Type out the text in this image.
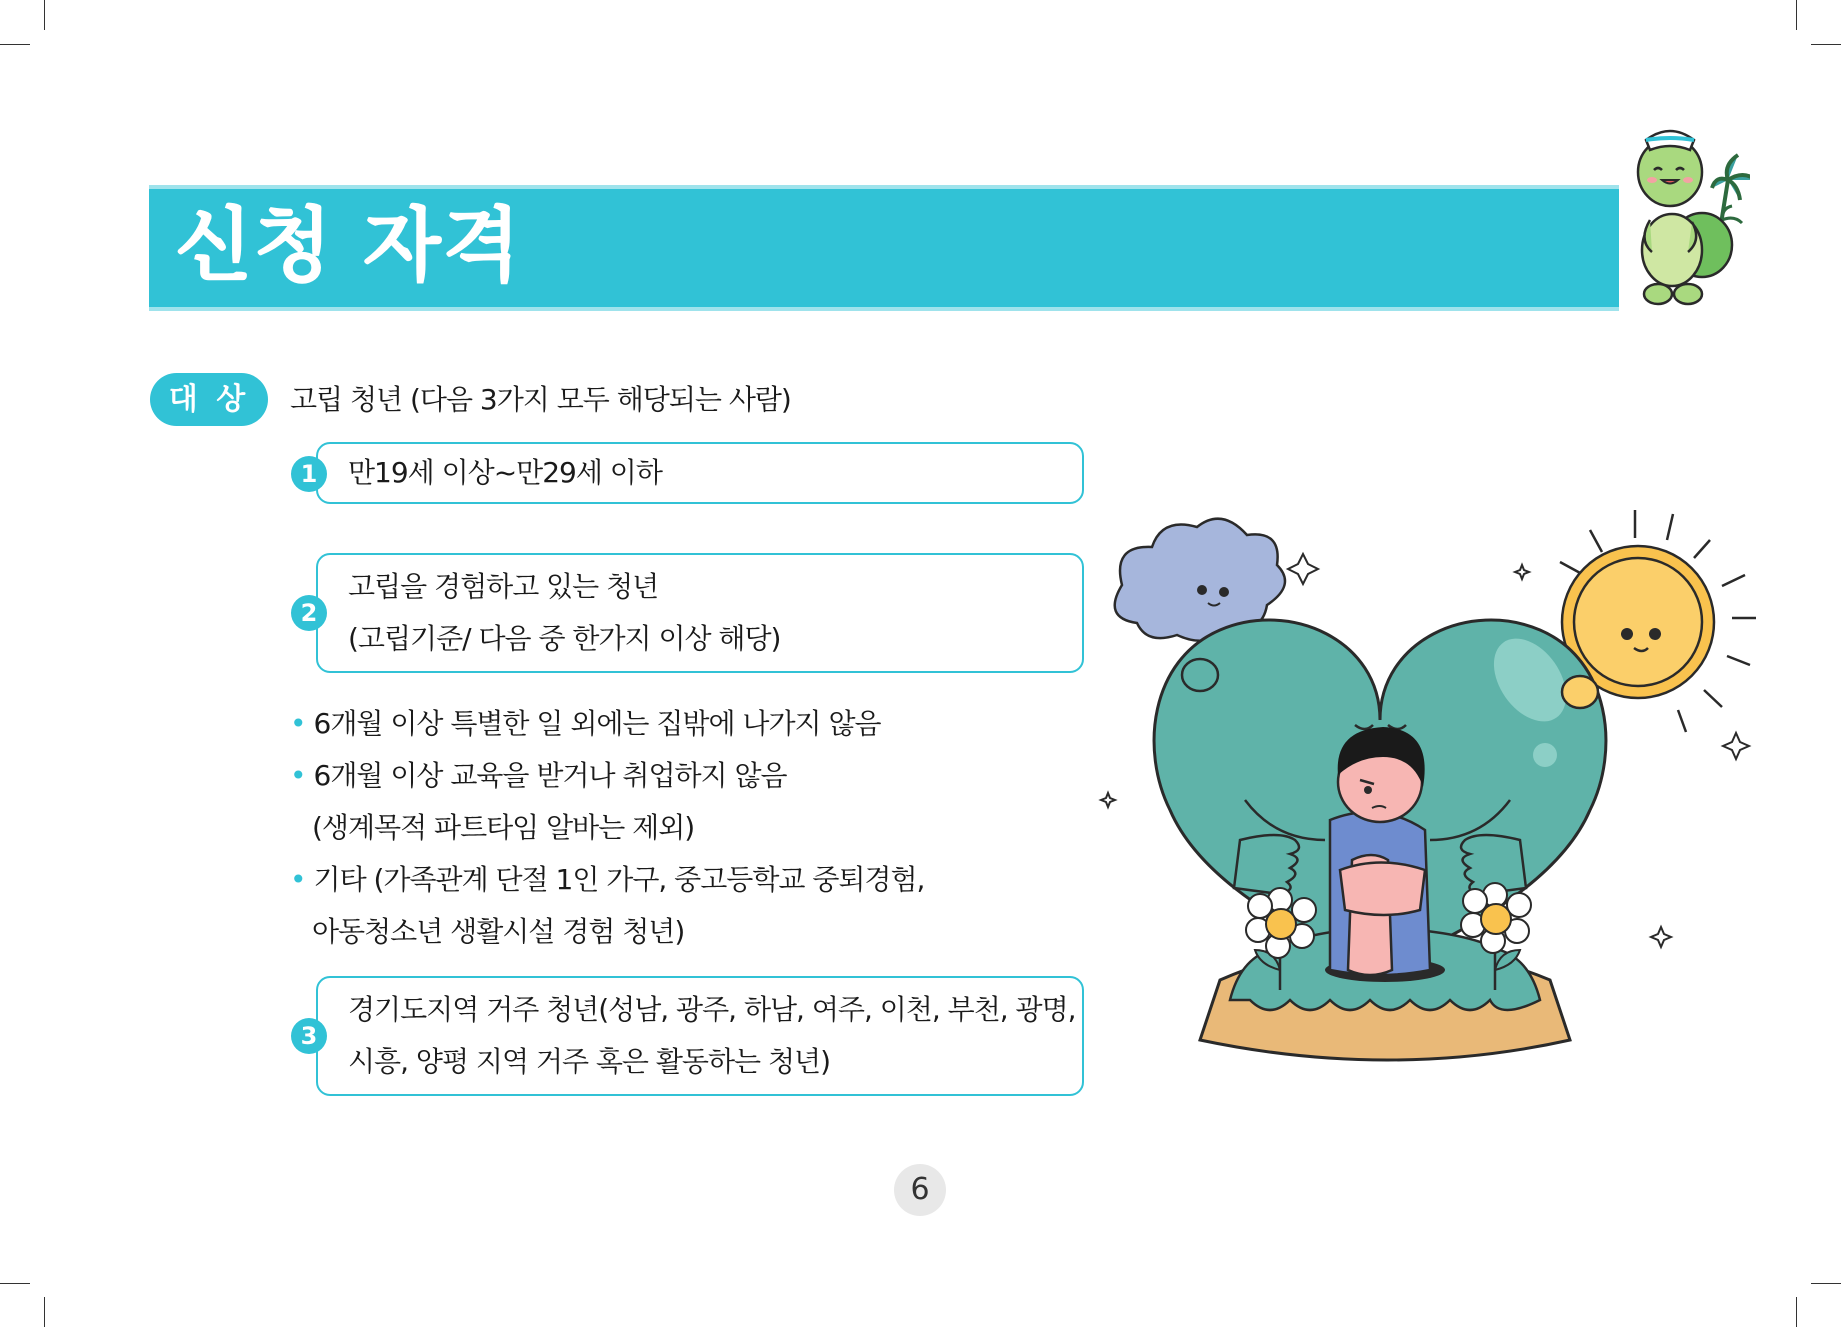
신청 자격
대 상	고립 청년 (다음 3가지 모두 해당되는 사람)
만19세 이상~만29세 이하
1
고립을 경험하고 있는 청년
(고립기준/ 다음 중 한가지 이상 해당)
2
• 6개월 이상 특별한 일 외에는 집밖에 나가지 않음
• 6개월 이상 교육을 받거나 취업하지 않음
(생계목적 파트타임 알바는 제외)
• 기타 (가족관계 단절 1인 가구, 중고등학교 중퇴경험,
아동청소년 생활시설 경험 청년)
경기도지역 거주 청년(성남, 광주, 하남, 여주, 이천, 부천, 광명,
시흥, 양평 지역 거주 혹은 활동하는 청년)
3
6
